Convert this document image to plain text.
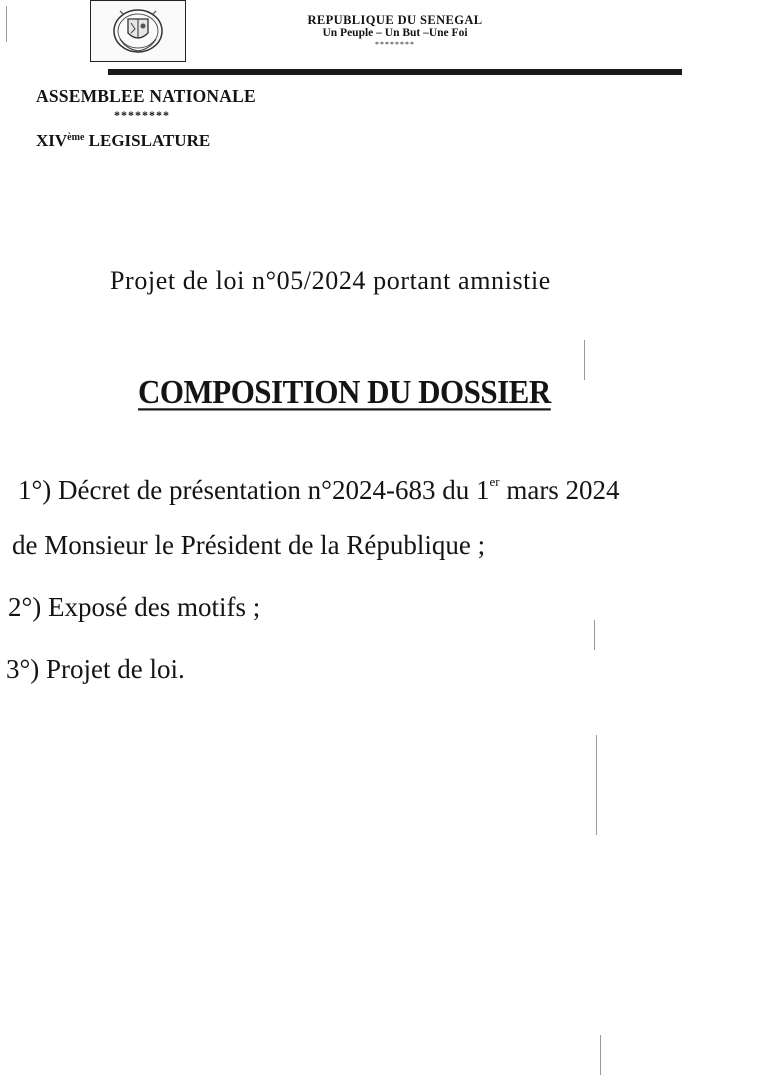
REPUBLIQUE DU SENEGAL
Un Peuple – Un But –Une Foi
********
ASSEMBLEE NATIONALE
********
XIVème LEGISLATURE
Projet de loi n°05/2024 portant amnistie
COMPOSITION DU DOSSIER
1°) Décret de présentation n°2024-683 du 1er mars 2024
de Monsieur le Président de la République ;
2°) Exposé des motifs ;
3°) Projet de loi.
